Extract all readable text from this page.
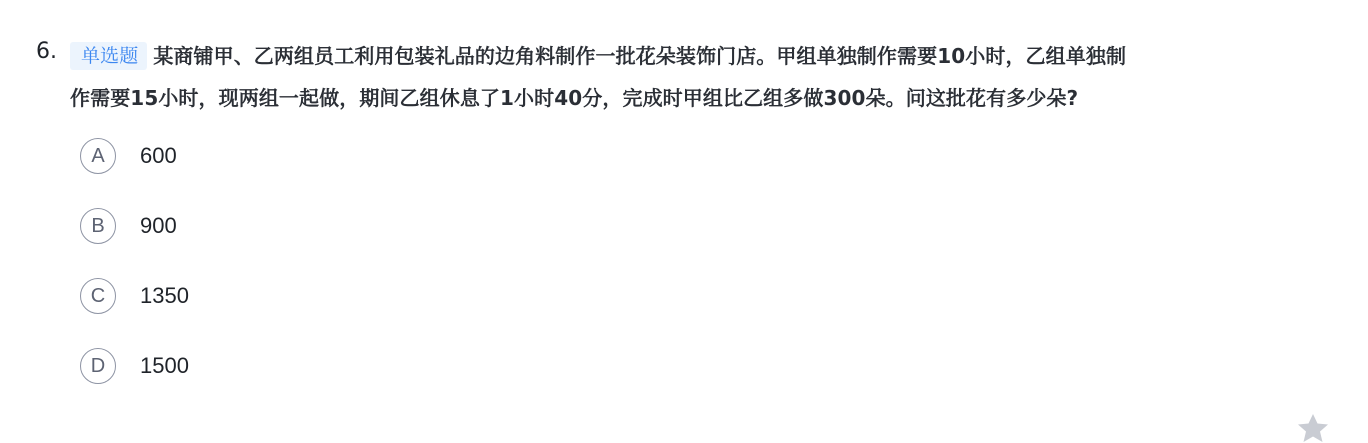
6.	单选题 某商铺甲、乙两组员工利用包装礼品的边角料制作一批花朵装饰门店。甲组单独制作需要10小时，乙组单独制
作需要15小时，现两组一起做，期间乙组休息了1小时40分，完成时甲组比乙组多做300朵。问这批花有多少朵?
A	600
B	900
C	1350
D	1500
